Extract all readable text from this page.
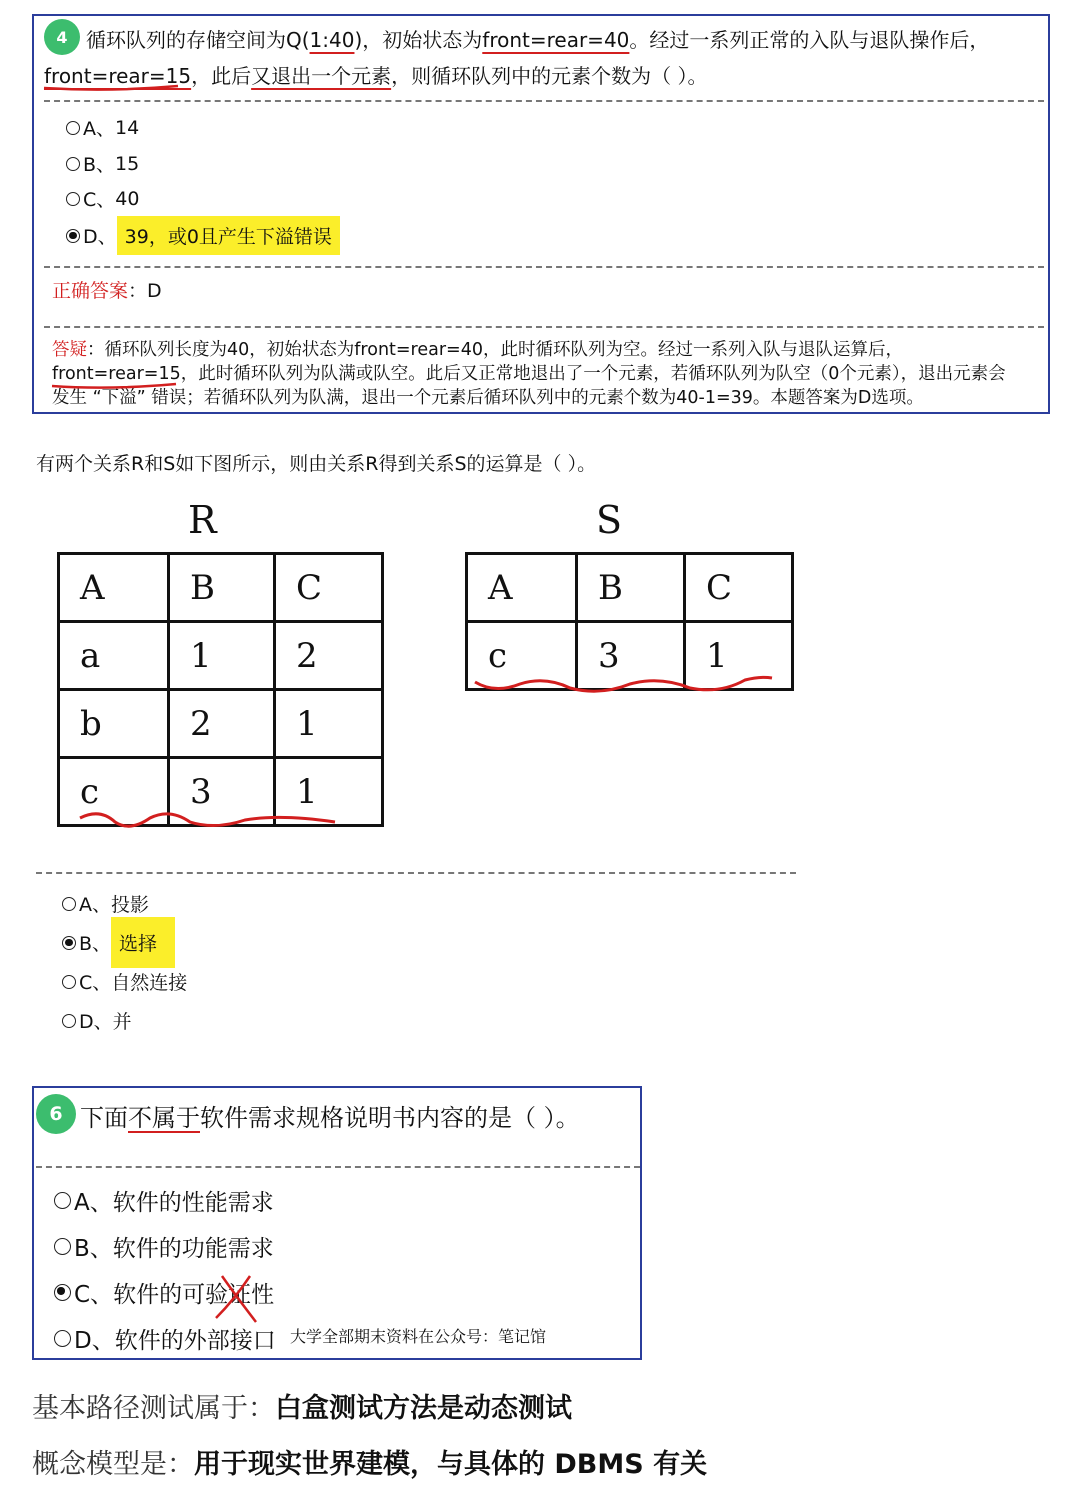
4 循环队列的存储空间为Q(1:40)，初始状态为front=rear=40。经过一系列正常的入队与退队操作后，
front=rear=15，此后又退出一个元素，则循环队列中的元素个数为（ ）。
A、 14
B、 15
C、 40
D、 39，或0且产生下溢错误
正确答案：D
答疑：循环队列长度为40，初始状态为front=rear=40，此时循环队列为空。经过一系列入队与退队运算后，
front=rear=15，此时循环队列为队满或队空。此后又正常地退出了一个元素，若循环队列为队空（0个元素），退出元素会
发生 “下溢” 错误；若循环队列为队满，退出一个元素后循环队列中的元素个数为40-1=39。本题答案为D选项。
有两个关系R和S如下图所示，则由关系R得到关系S的运算是（ ）。
R
A	B	C
a	1	2
b	2	1
c	3	1
S
A	B	C
c	3	1
A、 投影
B、 选择
C、 自然连接
D、 并
6 下面不属于软件需求规格说明书内容的是（ ）。
A、 软件的性能需求
B、 软件的功能需求
C、 软件的可验证性
D、 软件的外部接口 大学全部期末资料在公众号：笔记馆
基本路径测试属于：白盒测试方法是动态测试
概念模型是：用于现实世界建模，与具体的 DBMS 有关
